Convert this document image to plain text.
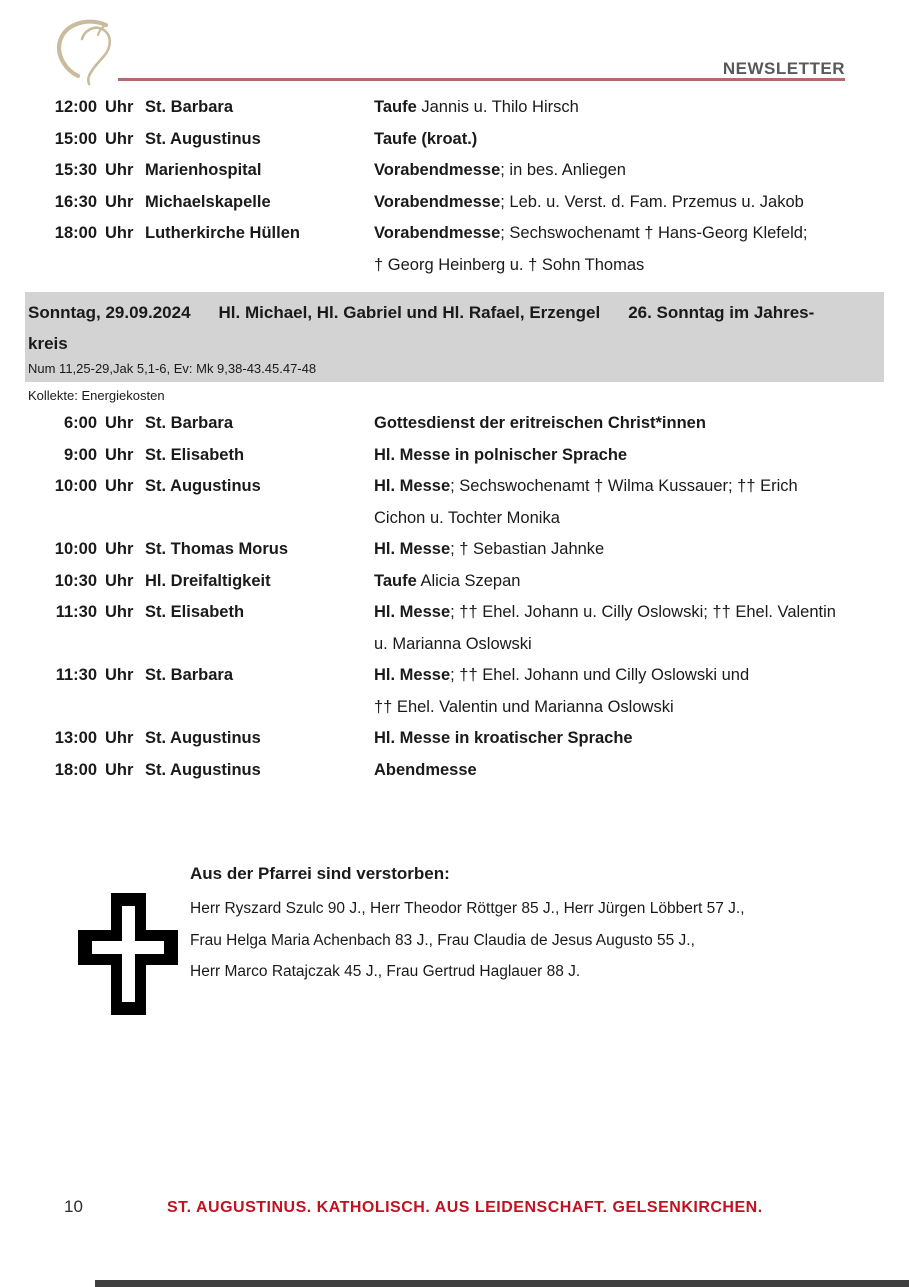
NEWSLETTER
12:00 Uhr St. Barbara	Taufe Jannis u. Thilo Hirsch
15:00 Uhr St. Augustinus	Taufe (kroat.)
15:30 Uhr Marienhospital	Vorabendmesse; in bes. Anliegen
16:30 Uhr Michaelskapelle	Vorabendmesse; Leb. u. Verst. d. Fam. Przemus u. Jakob
18:00 Uhr Lutherkirche Hüllen	Vorabendmesse; Sechswochenamt † Hans-Georg Klefeld;
† Georg Heinberg u. † Sohn Thomas
Sonntag, 29.09.2024 Hl. Michael, Hl. Gabriel und Hl. Rafael, Erzengel 26. Sonntag im Jahres-
kreis
Num 11,25-29,Jak 5,1-6, Ev: Mk 9,38-43.45.47-48
Kollekte: Energiekosten
6:00 Uhr St. Barbara	Gottesdienst der eritreischen Christ*innen
9:00 Uhr St. Elisabeth	Hl. Messe in polnischer Sprache
10:00 Uhr St. Augustinus	Hl. Messe; Sechswochenamt † Wilma Kussauer; †† Erich
Cichon u. Tochter Monika
10:00 Uhr St. Thomas Morus	Hl. Messe; † Sebastian Jahnke
10:30 Uhr Hl. Dreifaltigkeit	Taufe Alicia Szepan
11:30 Uhr St. Elisabeth	Hl. Messe; †† Ehel. Johann u. Cilly Oslowski; †† Ehel. Valentin
u. Marianna Oslowski
11:30 Uhr St. Barbara	Hl. Messe; †† Ehel. Johann und Cilly Oslowski und
†† Ehel. Valentin und Marianna Oslowski
13:00 Uhr St. Augustinus	Hl. Messe in kroatischer Sprache
18:00 Uhr St. Augustinus	Abendmesse
Aus der Pfarrei sind verstorben:
Herr Ryszard Szulc 90 J., Herr Theodor Röttger 85 J., Herr Jürgen Löbbert 57 J.,
Frau Helga Maria Achenbach 83 J., Frau Claudia de Jesus Augusto 55 J.,
Herr Marco Ratajczak 45 J., Frau Gertrud Haglauer 88 J.
10	ST. AUGUSTINUS. KATHOLISCH. AUS LEIDENSCHAFT. GELSENKIRCHEN.
